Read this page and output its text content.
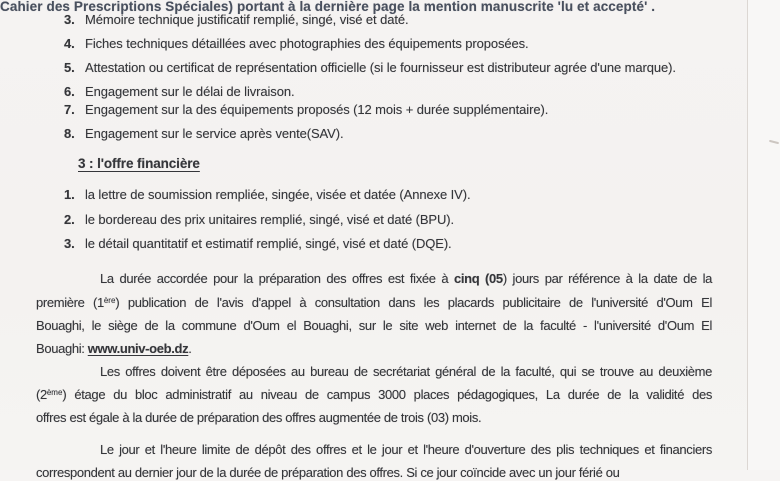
Cahier des Prescriptions Spéciales) portant à la dernière page la mention manuscrite 'lu et accepté' .
3. Mémoire technique justificatif remplié, singé, visé et daté.
4. Fiches techniques détaillées avec photographies des équipements proposées.
5. Attestation ou certificat de représentation officielle (si le fournisseur est distributeur agrée d'une marque).
6. Engagement sur le délai de livraison.
7. Engagement sur la des équipements proposés (12 mois + durée supplémentaire).
8. Engagement sur le service après vente(SAV).
3 : l'offre financière
1. la lettre de soumission rempliée, singée, visée et datée (Annexe IV).
2. le bordereau des prix unitaires remplié, singé, visé et daté (BPU).
3. le détail quantitatif et estimatif remplié, singé, visé et daté (DQE).
La durée accordée pour la préparation des offres est fixée à cinq (05) jours par référence à la date de la
première (1ère) publication de l'avis d'appel à consultation dans les placards publicitaire de l'université d'Oum El
Bouaghi, le siège de la commune d'Oum el Bouaghi, sur le site web internet de la faculté - l'université d'Oum El
Bouaghi: www.univ-oeb.dz.
Les offres doivent être déposées au bureau de secrétariat général de la faculté, qui se trouve au deuxième
(2ème) étage du bloc administratif au niveau de campus 3000 places pédagogiques, La durée de la validité des
offres est égale à la durée de préparation des offres augmentée de trois (03) mois.
Le jour et l'heure limite de dépôt des offres et le jour et l'heure d'ouverture des plis techniques et financiers
correspondent au dernier jour de la durée de préparation des offres. Si ce jour coïncide avec un jour férié ou
